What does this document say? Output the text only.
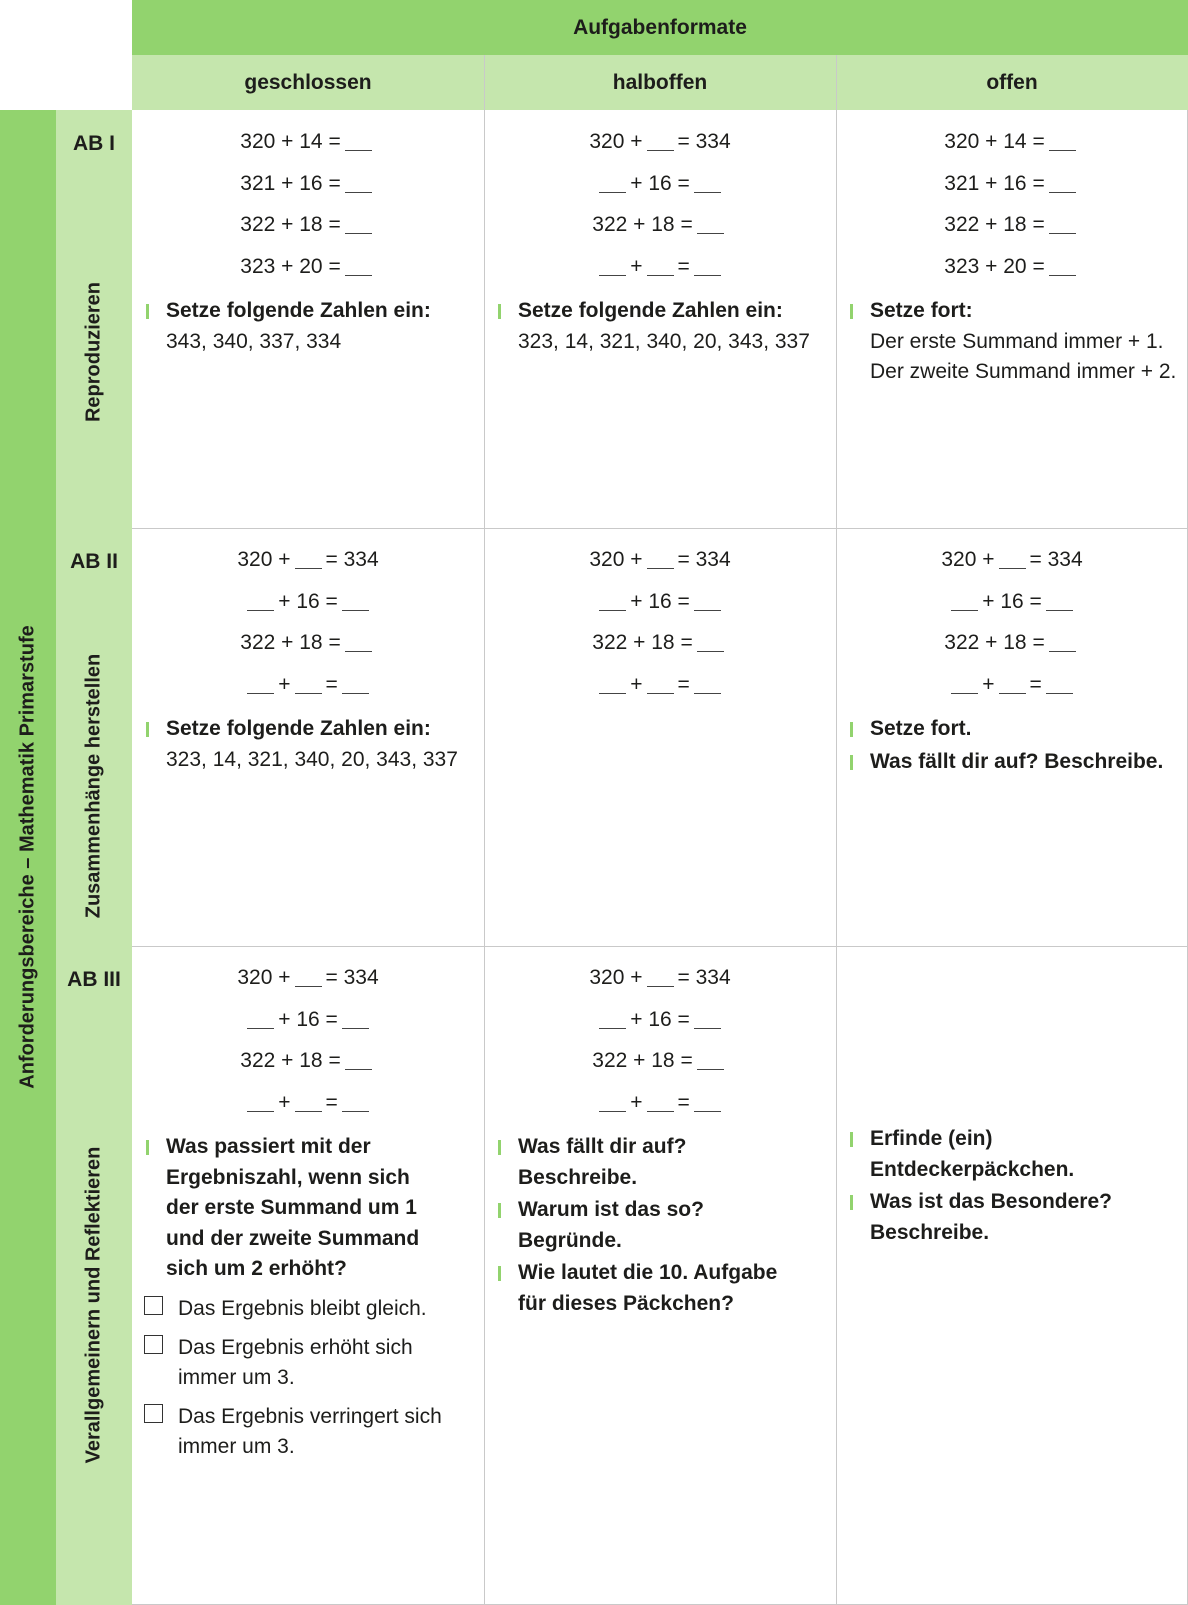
Aufgabenformate
geschlossen	halboffen	offen
Anforderungsbereiche – Mathematik Primarstufe
AB I
Reproduzieren
AB II
Zusammenhänge herstellen
AB III
Verallgemeinern und Reflektieren
320 + 14 =
321 + 16 =
322 + 18 =
323 + 20 =
Setze folgende Zahlen ein:
343, 340, 337, 334
320 + = 334
+ 16 =
322 + 18 =
+ =
Setze folgende Zahlen ein:
323, 14, 321, 340, 20, 343, 337
320 + 14 =
321 + 16 =
322 + 18 =
323 + 20 =
Setze fort:
Der erste Summand immer + 1.
Der zweite Summand immer + 2.
320 + = 334
+ 16 =
322 + 18 =
+ =
Setze folgende Zahlen ein:
323, 14, 321, 340, 20, 343, 337
320 + = 334
+ 16 =
322 + 18 =
+ =
320 + = 334
+ 16 =
322 + 18 =
+ =
Setze fort.
Was fällt dir auf? Beschreibe.
320 + = 334
+ 16 =
322 + 18 =
+ =
Was passiert mit der Ergebniszahl, wenn sich der erste Summand um 1 und der zweite Summand sich um 2 erhöht?
Das Ergebnis bleibt gleich.
Das Ergebnis erhöht sich immer um 3.
Das Ergebnis verringert sich immer um 3.
320 + = 334
+ 16 =
322 + 18 =
+ =
Was fällt dir auf? Beschreibe.
Warum ist das so? Begründe.
Wie lautet die 10. Aufgabe für dieses Päckchen?
Erfinde (ein) Entdeckerpäckchen.
Was ist das Besondere? Beschreibe.
